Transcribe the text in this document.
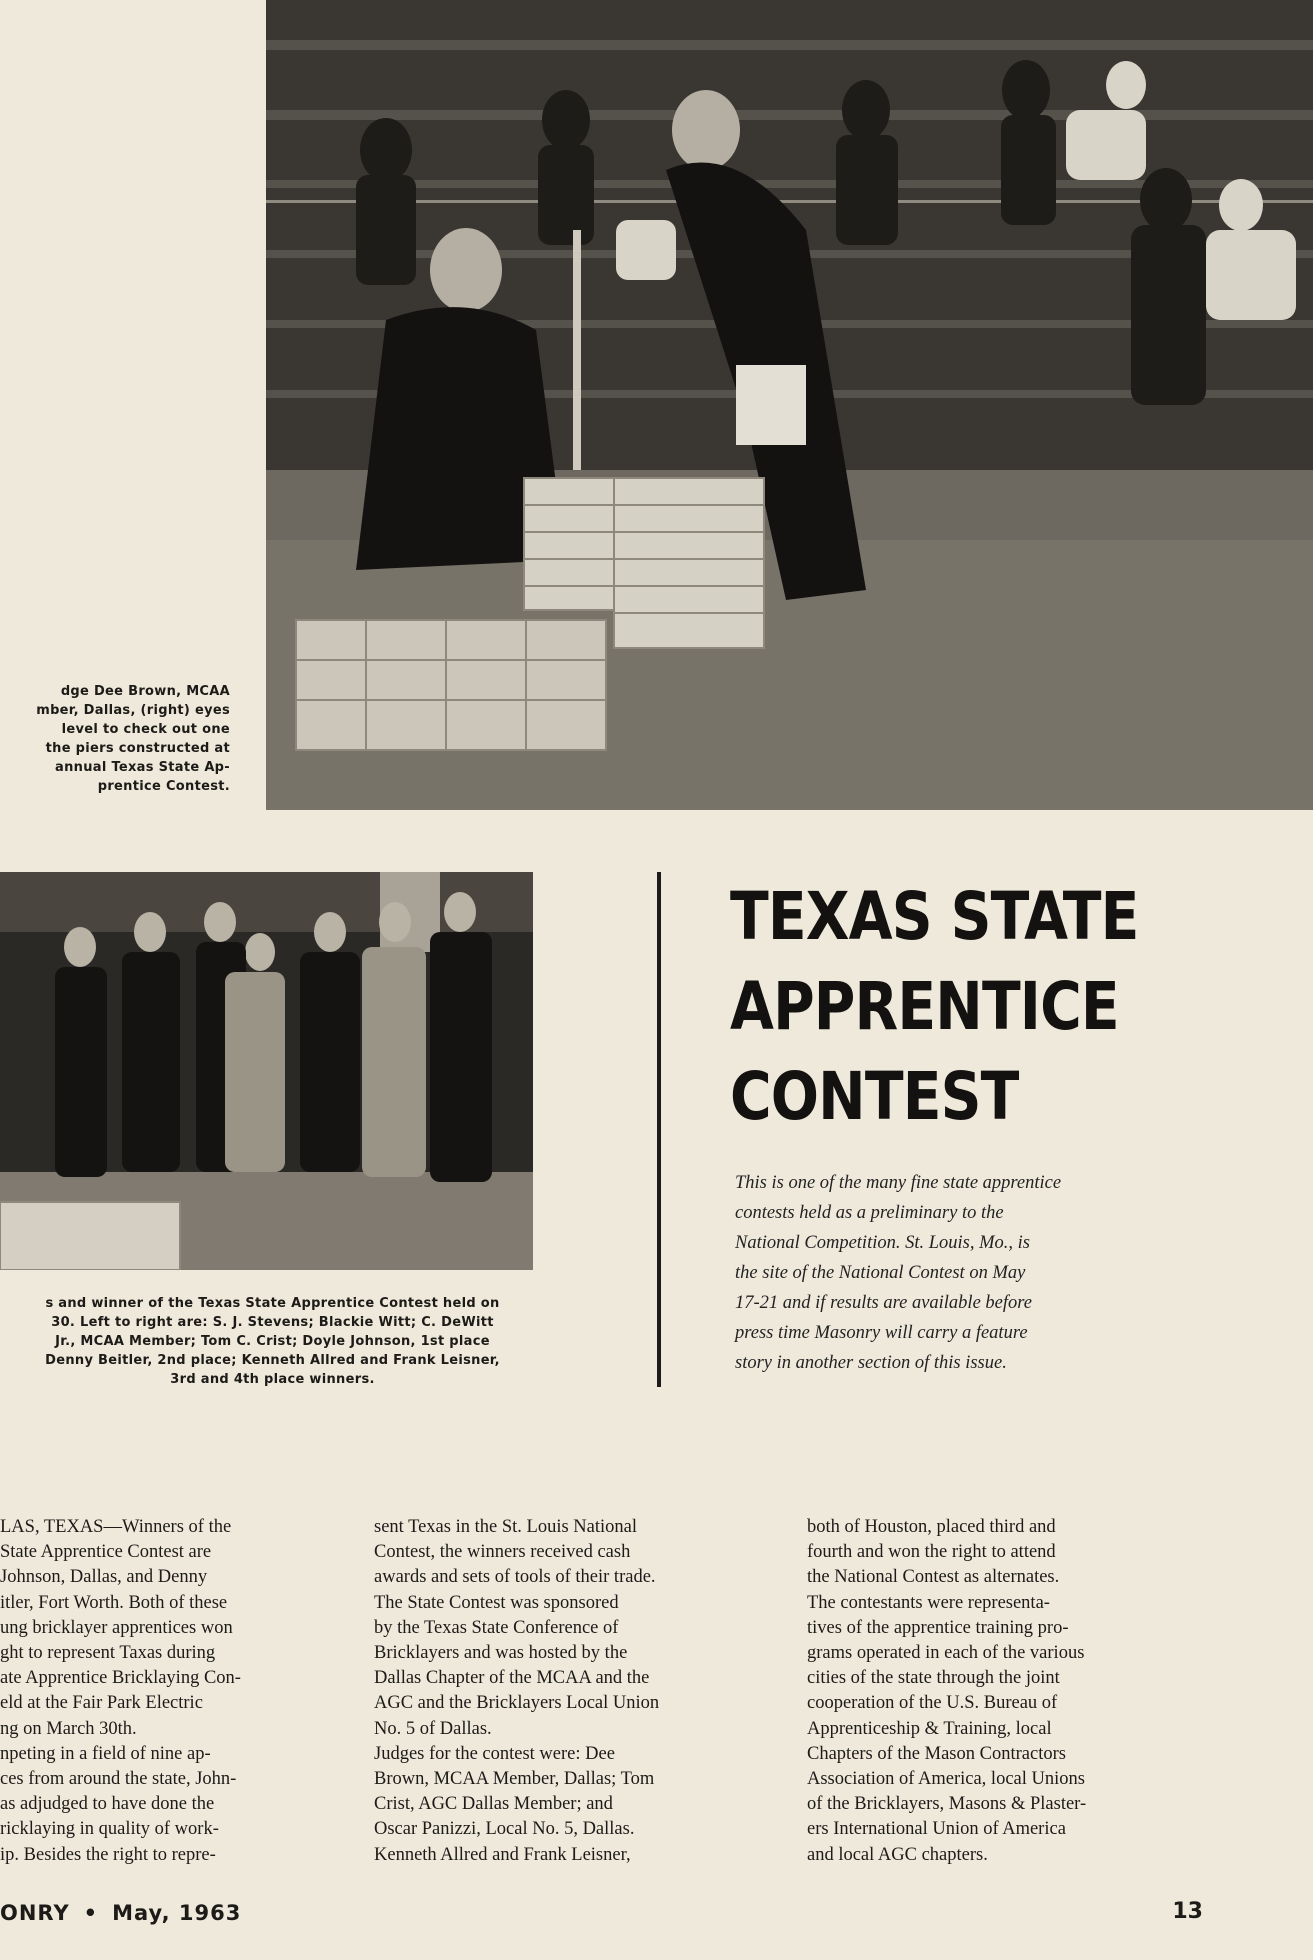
dge Dee Brown, MCAA
mber, Dallas, (right) eyes
level to check out one
the piers constructed at
annual Texas State Ap-
prentice Contest.
s and winner of the Texas State Apprentice Contest held on
30. Left to right are: S. J. Stevens; Blackie Witt; C. DeWitt
Jr., MCAA Member; Tom C. Crist; Doyle Johnson, 1st place
Denny Beitler, 2nd place; Kenneth Allred and Frank Leisner,
3rd and 4th place winners.
TEXAS STATE
APPRENTICE
CONTEST
This is one of the many fine state apprentice
contests held as a preliminary to the
National Competition. St. Louis, Mo., is
the site of the National Contest on May
17-21 and if results are available before
press time Masonry will carry a feature
story in another section of this issue.
LAS, TEXAS—Winners of the
State Apprentice Contest are
Johnson, Dallas, and Denny
itler, Fort Worth. Both of these
ung bricklayer apprentices won
ght to represent Taxas during
ate Apprentice Bricklaying Con-
eld at the Fair Park Electric
ng on March 30th.
npeting in a field of nine ap-
ces from around the state, John-
as adjudged to have done the
ricklaying in quality of work-
ip. Besides the right to repre-
sent Texas in the St. Louis National
Contest, the winners received cash
awards and sets of tools of their trade.
The State Contest was sponsored
by the Texas State Conference of
Bricklayers and was hosted by the
Dallas Chapter of the MCAA and the
AGC and the Bricklayers Local Union
No. 5 of Dallas.
Judges for the contest were: Dee
Brown, MCAA Member, Dallas; Tom
Crist, AGC Dallas Member; and
Oscar Panizzi, Local No. 5, Dallas.
Kenneth Allred and Frank Leisner,
both of Houston, placed third and
fourth and won the right to attend
the National Contest as alternates.
The contestants were representa-
tives of the apprentice training pro-
grams operated in each of the various
cities of the state through the joint
cooperation of the U.S. Bureau of
Apprenticeship & Training, local
Chapters of the Mason Contractors
Association of America, local Unions
of the Bricklayers, Masons & Plaster-
ers International Union of America
and local AGC chapters.
ONRY • May, 1963	13
